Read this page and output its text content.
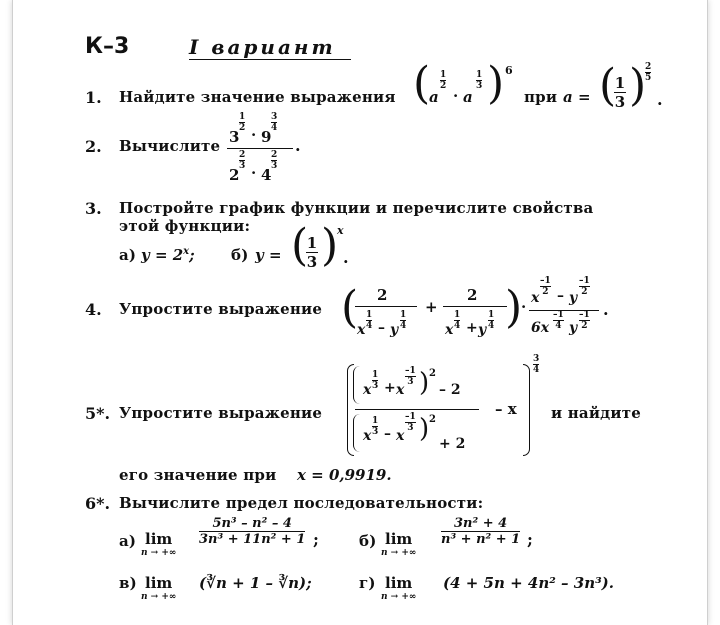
К–3	I вариант
1. Найдите значение выражения (
a
1
2
· a
1
3 ) 6
при a = (
1
3 )
2
5
.
2. Вычислите 3
1
2 · 9
3
4
2
2
3 · 4
2
3
.
3. Постройте график функции и перечислите свойства
этой функции:
а) $y = 2^x$; б) y = (
1
3 )
x
.
4. Упростите выражение ( 2
x
1
4 – y
1
4
+
2
x
1
4 + y
1
4 )
· x
–1
2 – y
–1
2
6x
–1
4 y
–1
2
.
5*. Упростите выражение
x
1
3 + x
–1
3 ) 2
– 2
x
1
3 – x
–1
3 ) 2
+ 2
– x
3
4
и найдите
его значение при x = 0,9919.
6*. Вычислите предел последовательности:
а) lim
n → +∞
5n³ – n² – 4
3n³ + 11n² + 1 ;	б) lim
n → +∞
3n² + 4
n³ + n² + 1 ;
в) lim
n → +∞
(∛n + 1 – ∛n);	г) lim
n → +∞
(4 + 5n + 4n² – 3n³).
